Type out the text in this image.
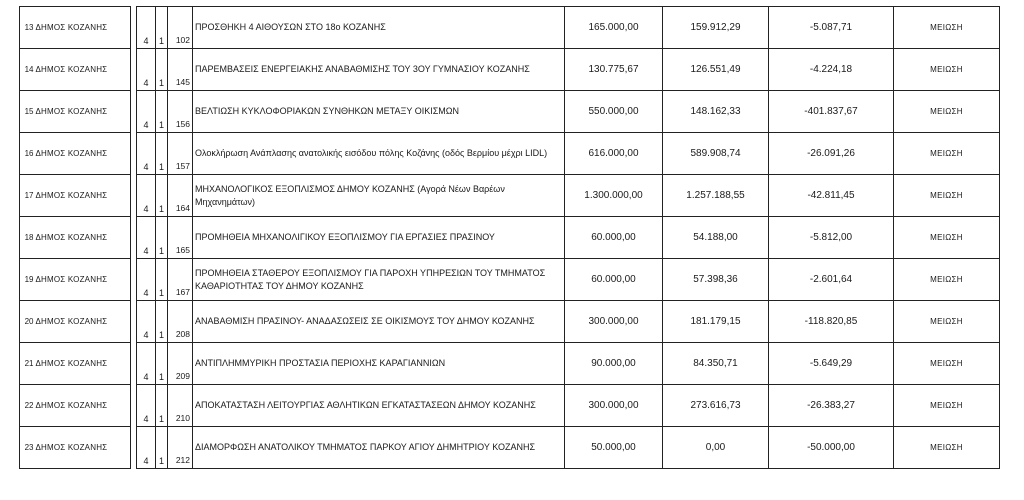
13	ΔΗΜΟΣ ΚΟΖΑΝΗΣ		4	1	102	ΠΡΟΣΘΗΚΗ 4 ΑΙΘΟΥΣΩΝ ΣΤΟ 18ο ΚΟΖΑΝΗΣ	165.000,00	159.912,29	-5.087,71	ΜΕΙΩΣΗ
14	ΔΗΜΟΣ ΚΟΖΑΝΗΣ		4	1	145	ΠΑΡΕΜΒΑΣΕΙΣ ΕΝΕΡΓΕΙΑΚΗΣ ΑΝΑΒΑΘΜΙΣΗΣ ΤΟΥ 3ΟΥ ΓΥΜΝΑΣΙΟΥ ΚΟΖΑΝΗΣ	130.775,67	126.551,49	-4.224,18	ΜΕΙΩΣΗ
15	ΔΗΜΟΣ ΚΟΖΑΝΗΣ		4	1	156	ΒΕΛΤΙΩΣΗ ΚΥΚΛΟΦΟΡΙΑΚΩΝ ΣΥΝΘΗΚΩΝ ΜΕΤΑΞΥ ΟΙΚΙΣΜΩΝ	550.000,00	148.162,33	-401.837,67	ΜΕΙΩΣΗ
16	ΔΗΜΟΣ ΚΟΖΑΝΗΣ		4	1	157	Ολοκλήρωση Ανάπλασης ανατολικής εισόδου πόλης Κοζάνης (οδός Βερμίου μέχρι LIDL)	616.000,00	589.908,74	-26.091,26	ΜΕΙΩΣΗ
17	ΔΗΜΟΣ ΚΟΖΑΝΗΣ		4	1	164	ΜΗΧΑΝΟΛΟΓΙΚΟΣ ΕΞΟΠΛΙΣΜΟΣ ΔΗΜΟΥ ΚΟΖΑΝΗΣ (Αγορά Νέων Βαρέων Μηχανημάτων)	1.300.000,00	1.257.188,55	-42.811,45	ΜΕΙΩΣΗ
18	ΔΗΜΟΣ ΚΟΖΑΝΗΣ		4	1	165	ΠΡΟΜΗΘΕΙΑ ΜΗΧΑΝΟΛΙΓΙΚΟΥ ΕΞΟΠΛΙΣΜΟΥ ΓΙΑ ΕΡΓΑΣΙΕΣ ΠΡΑΣΙΝΟΥ	60.000,00	54.188,00	-5.812,00	ΜΕΙΩΣΗ
19	ΔΗΜΟΣ ΚΟΖΑΝΗΣ		4	1	167	ΠΡΟΜΗΘΕΙΑ ΣΤΑΘΕΡΟΥ ΕΞΟΠΛΙΣΜΟΥ ΓΙΑ ΠΑΡΟΧΗ ΥΠΗΡΕΣΙΩΝ ΤΟΥ ΤΜΗΜΑΤΟΣ ΚΑΘΑΡΙΟΤΗΤΑΣ ΤΟΥ ΔΗΜΟΥ ΚΟΖΑΝΗΣ	60.000,00	57.398,36	-2.601,64	ΜΕΙΩΣΗ
20	ΔΗΜΟΣ ΚΟΖΑΝΗΣ		4	1	208	ΑΝΑΒΑΘΜΙΣΗ ΠΡΑΣΙΝΟΥ- ΑΝΑΔΑΣΩΣΕΙΣ ΣΕ ΟΙΚΙΣΜΟΥΣ ΤΟΥ ΔΗΜΟΥ ΚΟΖΑΝΗΣ	300.000,00	181.179,15	-118.820,85	ΜΕΙΩΣΗ
21	ΔΗΜΟΣ ΚΟΖΑΝΗΣ		4	1	209	ΑΝΤΙΠΛΗΜΜΥΡΙΚΗ ΠΡΟΣΤΑΣΙΑ ΠΕΡΙΟΧΗΣ ΚΑΡΑΓΙΑΝΝΙΩΝ	90.000,00	84.350,71	-5.649,29	ΜΕΙΩΣΗ
22	ΔΗΜΟΣ ΚΟΖΑΝΗΣ		4	1	210	ΑΠΟΚΑΤΑΣΤΑΣΗ ΛΕΙΤΟΥΡΓΙΑΣ ΑΘΛΗΤΙΚΩΝ ΕΓΚΑΤΑΣΤΑΣΕΩΝ ΔΗΜΟΥ ΚΟΖΑΝΗΣ	300.000,00	273.616,73	-26.383,27	ΜΕΙΩΣΗ
23	ΔΗΜΟΣ ΚΟΖΑΝΗΣ		4	1	212	ΔΙΑΜΟΡΦΩΣΗ ΑΝΑΤΟΛΙΚΟΥ ΤΜΗΜΑΤΟΣ ΠΑΡΚΟΥ ΑΓΙΟΥ ΔΗΜΗΤΡΙΟΥ ΚΟΖΑΝΗΣ	50.000,00	0,00	-50.000,00	ΜΕΙΩΣΗ
